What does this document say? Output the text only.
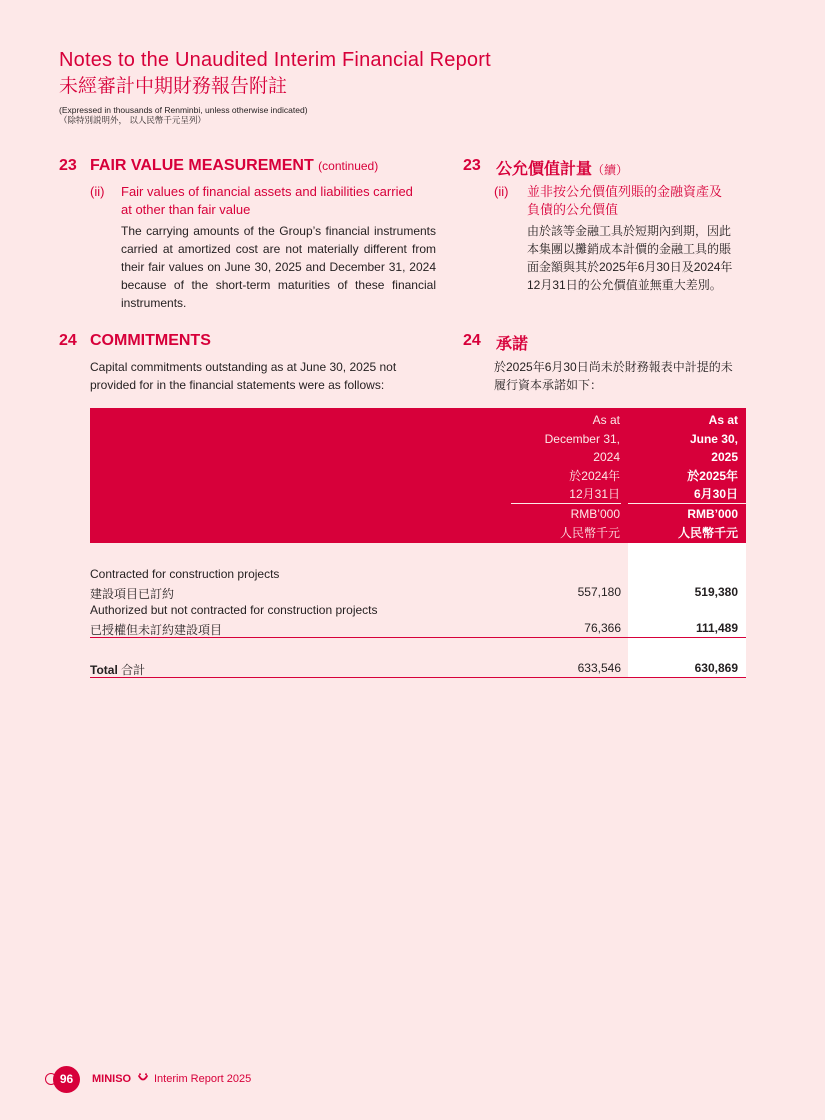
Notes to the Unaudited Interim Financial Report
未經審計中期財務報告附註
(Expressed in thousands of Renminbi, unless otherwise indicated)
（除特別説明外， 以人民幣千元呈列）
23 FAIR VALUE MEASUREMENT (continued)
(ii) Fair values of financial assets and liabilities carried
at other than fair value
The carrying amounts of the Group’s financial instruments carried at amortized cost are not materially different from their fair values on June 30, 2025 and December 31, 2024 because of the short-term maturities of these financial instruments.
23 公允價值計量（續）
(ii) 並非按公允價值列賬的金融資產及
負債的公允價值
由於該等金融工具於短期內到期，因此
本集團以攤銷成本計價的金融工具的賬
面金額與其於2025年6月30日及2024年
12月31日的公允價值並無重大差別。
24 COMMITMENTS
Capital commitments outstanding as at June 30, 2025 not
provided for in the financial statements were as follows:
24 承諾
於2025年6月30日尚未於財務報表中計提的未
履行資本承諾如下：
As at
December 31,
2024
於2024年
12月31日
RMB’000
人民幣千元
As at
June 30,
2025
於2025年
6月30日
RMB’000
人民幣千元
Contracted for construction projects
建設項目已訂約	557,180	519,380
Authorized but not contracted for construction projects
已授權但未訂約建設項目	76,366	111,489
Total 合計	633,546	630,869
96	MINISO Interim Report 2025
